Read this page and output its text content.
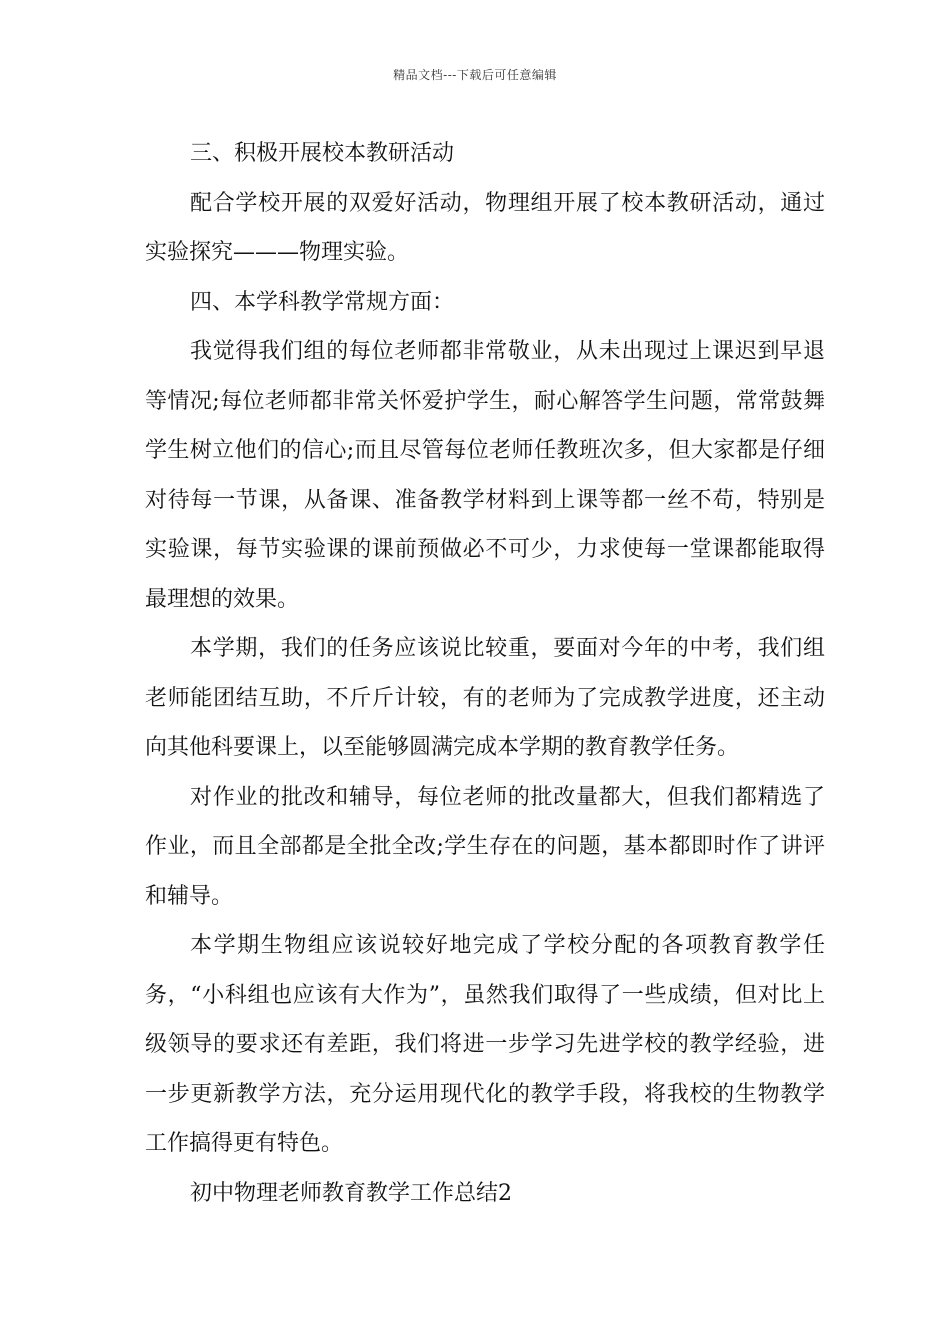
精品文档---下载后可任意编辑

三、积极开展校本教研活动

配合学校开展的双爱好活动，物理组开展了校本教研活动，通过实验探究———物理实验。

四、本学科教学常规方面：

我觉得我们组的每位老师都非常敬业，从未出现过上课迟到早退等情况;每位老师都非常关怀爱护学生，耐心解答学生问题，常常鼓舞学生树立他们的信心;而且尽管每位老师任教班次多，但大家都是仔细对待每一节课，从备课、准备教学材料到上课等都一丝不苟，特别是实验课，每节实验课的课前预做必不可少，力求使每一堂课都能取得最理想的效果。

本学期，我们的任务应该说比较重，要面对今年的中考，我们组老师能团结互助，不斤斤计较，有的老师为了完成教学进度，还主动向其他科要课上，以至能够圆满完成本学期的教育教学任务。

对作业的批改和辅导，每位老师的批改量都大，但我们都精选了作业，而且全部都是全批全改;学生存在的问题，基本都即时作了讲评和辅导。

本学期生物组应该说较好地完成了学校分配的各项教育教学任务，“小科组也应该有大作为”，虽然我们取得了一些成绩，但对比上级领导的要求还有差距，我们将进一步学习先进学校的教学经验，进一步更新教学方法，充分运用现代化的教学手段，将我校的生物教学工作搞得更有特色。

初中物理老师教育教学工作总结2
